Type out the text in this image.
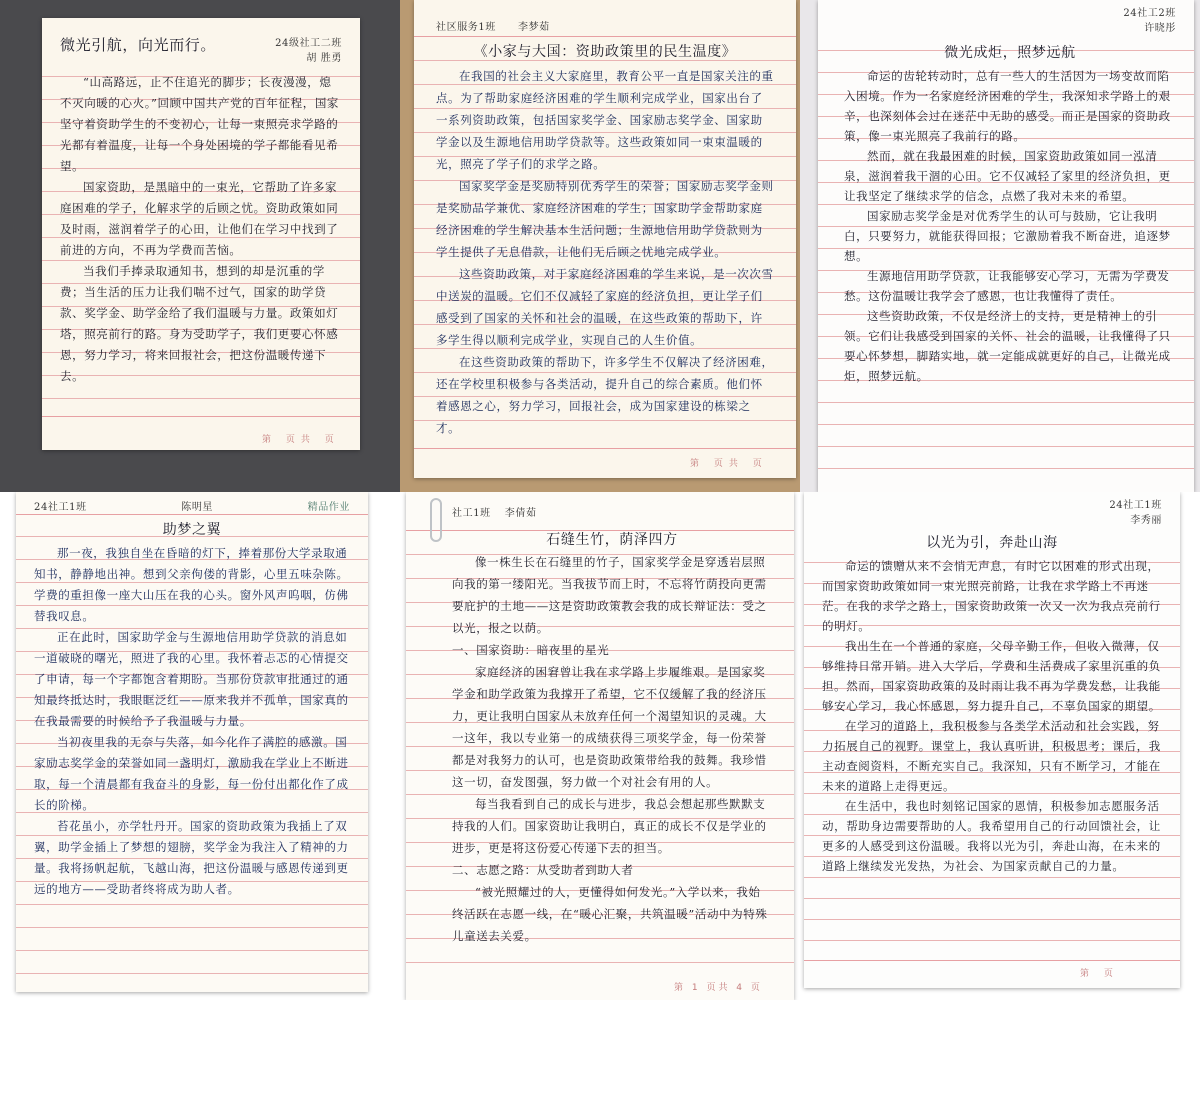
微光引航，向光而行。	24级社工二班
胡 胜勇

“山高路远，止不住追光的脚步；长夜漫漫，熄不灭向暖的心火。”回顾中国共产党的百年征程，国家坚守着资助学生的不变初心，让每一束照亮求学路的光都有着温度，让每一个身处困境的学子都能看见希望。

国家资助，是黑暗中的一束光，它帮助了许多家庭困难的学子，化解求学的后顾之忧。资助政策如同及时雨，滋润着学子的心田，让他们在学习中找到了前进的方向，不再为学费而苦恼。

当我们手捧录取通知书，想到的却是沉重的学费；当生活的压力让我们喘不过气，国家的助学贷款、奖学金、助学金给了我们温暖与力量。政策如灯塔，照亮前行的路。身为受助学子，我们更要心怀感恩，努力学习，将来回报社会，把这份温暖传递下去。

第 页共 页
社区服务1班 李梦茹
《小家与大国：资助政策里的民生温度》

在我国的社会主义大家庭里，教育公平一直是国家关注的重点。为了帮助家庭经济困难的学生顺利完成学业，国家出台了一系列资助政策，包括国家奖学金、国家励志奖学金、国家助学金以及生源地信用助学贷款等。这些政策如同一束束温暖的光，照亮了学子们的求学之路。

国家奖学金是奖励特别优秀学生的荣誉；国家励志奖学金则是奖励品学兼优、家庭经济困难的学生；国家助学金帮助家庭经济困难的学生解决基本生活问题；生源地信用助学贷款则为学生提供了无息借款，让他们无后顾之忧地完成学业。

这些资助政策，对于家庭经济困难的学生来说，是一次次雪中送炭的温暖。它们不仅减轻了家庭的经济负担，更让学子们感受到了国家的关怀和社会的温暖，在这些政策的帮助下，许多学生得以顺利完成学业，实现自己的人生价值。

在这些资助政策的帮助下，许多学生不仅解决了经济困难，还在学校里积极参与各类活动，提升自己的综合素质。他们怀着感恩之心，努力学习，回报社会，成为国家建设的栋梁之才。

第 页共 页
24社工2班
许晓彤
微光成炬，照梦远航

命运的齿轮转动时，总有一些人的生活因为一场变故而陷入困境。作为一名家庭经济困难的学生，我深知求学路上的艰辛，也深刻体会过在迷茫中无助的感受。而正是国家的资助政策，像一束光照亮了我前行的路。

然而，就在我最困难的时候，国家资助政策如同一泓清泉，滋润着我干涸的心田。它不仅减轻了家里的经济负担，更让我坚定了继续求学的信念，点燃了我对未来的希望。

国家励志奖学金是对优秀学生的认可与鼓励，它让我明白，只要努力，就能获得回报；它激励着我不断奋进，追逐梦想。

生源地信用助学贷款，让我能够安心学习，无需为学费发愁。这份温暖让我学会了感恩，也让我懂得了责任。

这些资助政策，不仅是经济上的支持，更是精神上的引领。它们让我感受到国家的关怀、社会的温暖，让我懂得了只要心怀梦想，脚踏实地，就一定能成就更好的自己，让微光成炬，照梦远航。

24社工1班	陈明星	精品作业
助梦之翼

那一夜，我独自坐在昏暗的灯下，捧着那份大学录取通知书，静静地出神。想到父亲佝偻的背影，心里五味杂陈。学费的重担像一座大山压在我的心头。窗外风声呜咽，仿佛替我叹息。

正在此时，国家助学金与生源地信用助学贷款的消息如一道破晓的曙光，照进了我的心里。我怀着忐忑的心情提交了申请，每一个字都饱含着期盼。当那份贷款审批通过的通知最终抵达时，我眼眶泛红——原来我并不孤单，国家真的在我最需要的时候给予了我温暖与力量。

当初夜里我的无奈与失落，如今化作了满腔的感激。国家励志奖学金的荣誉如同一盏明灯，激励我在学业上不断进取，每一个清晨都有我奋斗的身影，每一份付出都化作了成长的阶梯。

苔花虽小，亦学牡丹开。国家的资助政策为我插上了双翼，助学金插上了梦想的翅膀，奖学金为我注入了精神的力量。我将扬帆起航，飞越山海，把这份温暖与感恩传递到更远的地方——受助者终将成为助人者。

社工1班 李倩茹
石缝生竹，荫泽四方

像一株生长在石缝里的竹子，国家奖学金是穿透岩层照向我的第一缕阳光。当我拔节而上时，不忘将竹荫投向更需要庇护的土地——这是资助政策教会我的成长辩证法：受之以光，报之以荫。

一、国家资助：暗夜里的星光

家庭经济的困窘曾让我在求学路上步履维艰。是国家奖学金和助学政策为我撑开了希望，它不仅缓解了我的经济压力，更让我明白国家从未放弃任何一个渴望知识的灵魂。大一这年，我以专业第一的成绩获得三项奖学金，每一份荣誉都是对我努力的认可，也是资助政策带给我的鼓舞。我珍惜这一切，奋发图强，努力做一个对社会有用的人。

每当我看到自己的成长与进步，我总会想起那些默默支持我的人们。国家资助让我明白，真正的成长不仅是学业的进步，更是将这份爱心传递下去的担当。

二、志愿之路：从受助者到助人者

“被光照耀过的人，更懂得如何发光。”入学以来，我始终活跃在志愿一线，在“暖心汇聚，共筑温暖”活动中为特殊儿童送去关爱。

第 1 页共 4 页
24社工1班
李秀丽
以光为引，奔赴山海

命运的馈赠从来不会悄无声息，有时它以困难的形式出现，而国家资助政策如同一束光照亮前路，让我在求学路上不再迷茫。在我的求学之路上，国家资助政策一次又一次为我点亮前行的明灯。

我出生在一个普通的家庭，父母辛勤工作，但收入微薄，仅够维持日常开销。进入大学后，学费和生活费成了家里沉重的负担。然而，国家资助政策的及时雨让我不再为学费发愁，让我能够安心学习，我心怀感恩，努力提升自己，不辜负国家的期望。

在学习的道路上，我积极参与各类学术活动和社会实践，努力拓展自己的视野。课堂上，我认真听讲，积极思考；课后，我主动查阅资料，不断充实自己。我深知，只有不断学习，才能在未来的道路上走得更远。

在生活中，我也时刻铭记国家的恩情，积极参加志愿服务活动，帮助身边需要帮助的人。我希望用自己的行动回馈社会，让更多的人感受到这份温暖。我将以光为引，奔赴山海，在未来的道路上继续发光发热，为社会、为国家贡献自己的力量。

第 页
